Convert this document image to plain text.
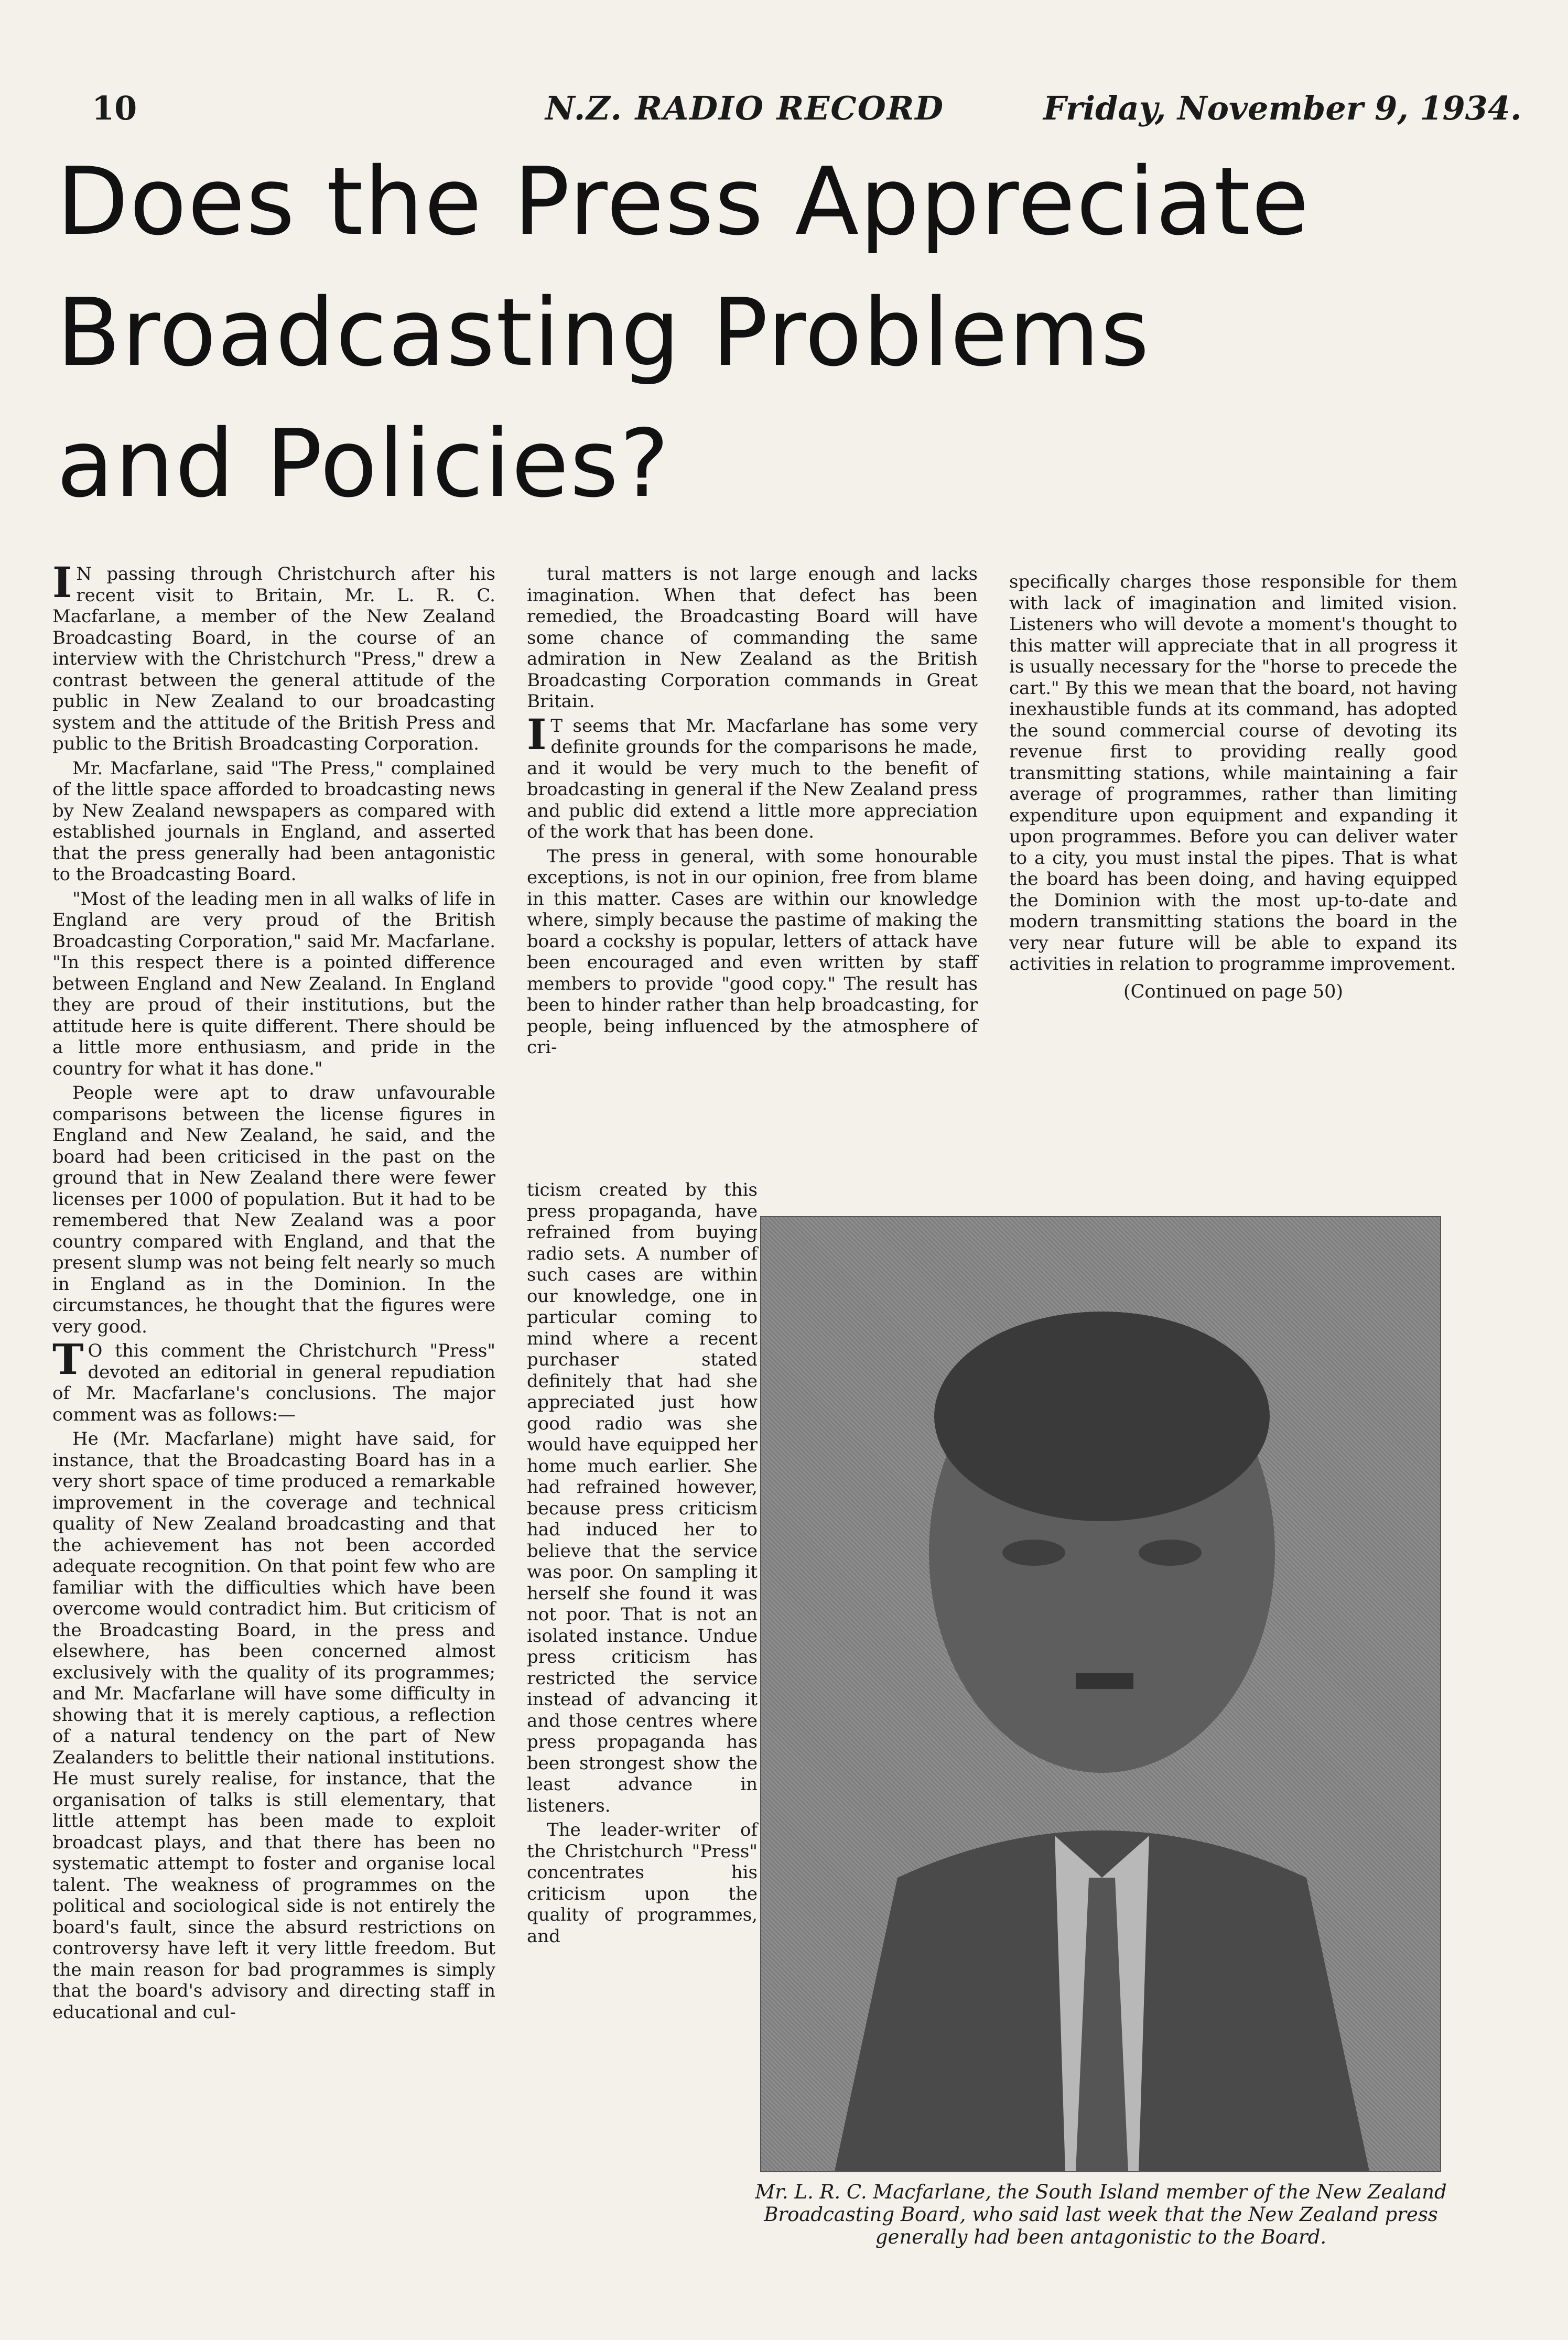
10	N.Z. RADIO RECORD	Friday, November 9, 1934.
Does the Press Appreciate
Broadcasting Problems
and Policies?

I N passing through Christchurch after his recent visit to Britain, Mr. L. R. C. Macfarlane, a member of the New Zealand Broadcasting Board, in the course of an interview with the Christchurch "Press," drew a contrast between the general attitude of the public in New Zealand to our broadcasting system and the attitude of the British Press and public to the British Broadcasting Corporation.

Mr. Macfarlane, said "The Press," complained of the little space afforded to broadcasting news by New Zealand newspapers as compared with established journals in England, and asserted that the press generally had been antagonistic to the Broadcasting Board.

"Most of the leading men in all walks of life in England are very proud of the British Broadcasting Corporation," said Mr. Macfarlane. "In this respect there is a pointed difference between England and New Zealand. In England they are proud of their institutions, but the attitude here is quite different. There should be a little more enthusiasm, and pride in the country for what it has done."

People were apt to draw unfavourable comparisons between the license figures in England and New Zealand, he said, and the board had been criticised in the past on the ground that in New Zealand there were fewer licenses per 1000 of population. But it had to be remembered that New Zealand was a poor country compared with England, and that the present slump was not being felt nearly so much in England as in the Dominion. In the circumstances, he thought that the figures were very good.

T O this comment the Christchurch "Press" devoted an editorial in general repudiation of Mr. Macfarlane's conclusions. The major comment was as follows:—

He (Mr. Macfarlane) might have said, for instance, that the Broadcasting Board has in a very short space of time produced a remarkable improvement in the coverage and technical quality of New Zealand broadcasting and that the achievement has not been accorded adequate recognition. On that point few who are familiar with the difficulties which have been overcome would contradict him. But criticism of the Broadcasting Board, in the press and elsewhere, has been concerned almost exclusively with the quality of its programmes; and Mr. Macfarlane will have some difficulty in showing that it is merely captious, a reflection of a natural tendency on the part of New Zealanders to belittle their national institutions. He must surely realise, for instance, that the organisation of talks is still elementary, that little attempt has been made to exploit broadcast plays, and that there has been no systematic attempt to foster and organise local talent. The weakness of programmes on the political and sociological side is not entirely the board's fault, since the absurd restrictions on controversy have left it very little freedom. But the main reason for bad programmes is simply that the board's advisory and directing staff in educational and cul-

tural matters is not large enough and lacks imagination. When that defect has been remedied, the Broadcasting Board will have some chance of commanding the same admiration in New Zealand as the British Broadcasting Corporation commands in Great Britain.

I T seems that Mr. Macfarlane has some very definite grounds for the comparisons he made, and it would be very much to the benefit of broadcasting in general if the New Zealand press and public did extend a little more appreciation of the work that has been done.

The press in general, with some honourable exceptions, is not in our opinion, free from blame in this matter. Cases are within our knowledge where, simply because the pastime of making the board a cockshy is popular, letters of attack have been encouraged and even written by staff members to provide "good copy." The result has been to hinder rather than help broadcasting, for people, being influenced by the atmosphere of cri-

ticism created by this press propaganda, have refrained from buying radio sets. A number of such cases are within our knowledge, one in particular coming to mind where a recent purchaser stated definitely that had she appreciated just how good radio was she would have equipped her home much earlier. She had refrained however, because press criticism had induced her to believe that the service was poor. On sampling it herself she found it was not poor. That is not an isolated instance. Undue press criticism has restricted the service instead of advancing it and those centres where press propaganda has been strongest show the least advance in listeners.

The leader-writer of the Christchurch "Press" concentrates his criticism upon the quality of programmes, and

specifically charges those responsible for them with lack of imagination and limited vision. Listeners who will devote a moment's thought to this matter will appreciate that in all progress it is usually necessary for the "horse to precede the cart." By this we mean that the board, not having inexhaustible funds at its command, has adopted the sound commercial course of devoting its revenue first to providing really good transmitting stations, while maintaining a fair average of programmes, rather than limiting expenditure upon equipment and expanding it upon programmes. Before you can deliver water to a city, you must instal the pipes. That is what the board has been doing, and having equipped the Dominion with the most up-to-date and modern transmitting stations the board in the very near future will be able to expand its activities in relation to programme improvement.

(Continued on page 50)
Mr. L. R. C. Macfarlane, the South Island member of the New Zealand Broadcasting Board, who said last week that the New Zealand press generally had been antagonistic to the Board.
